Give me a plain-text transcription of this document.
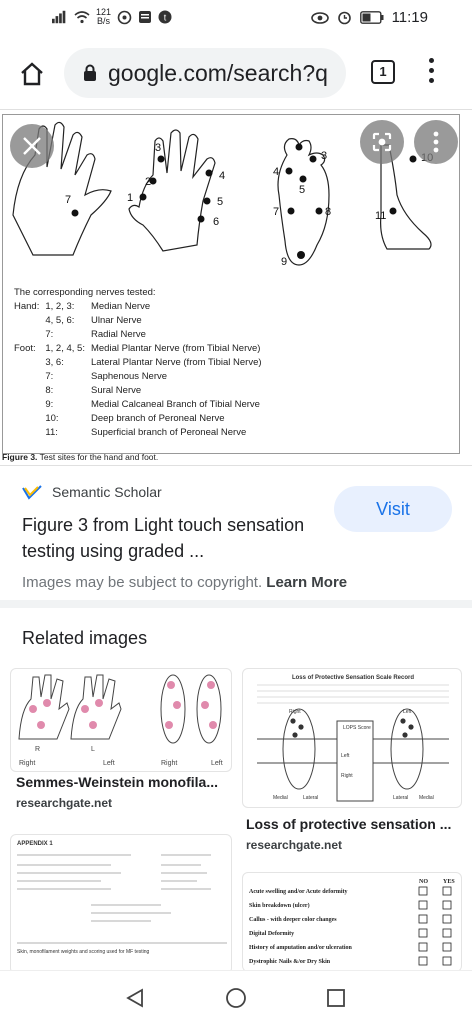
121
B/s	t	11:19
google.com/search?q	1
7
3
1
2	4
5
6
3
4
5
7	8
9
11
The corresponding nerves tested:
Hand:	1, 2, 3:	Median Nerve
	4, 5, 6:	Ulnar Nerve
	7:	Radial Nerve
Foot:	1, 2, 4, 5:	Medial Plantar Nerve (from Tibial Nerve)
	3, 6:	Lateral Plantar Nerve (from Tibial Nerve)
	7:	Saphenous Nerve
	8:	Sural Nerve
	9:	Medial Calcaneal Branch of Tibial Nerve
	10:	Deep branch of Peroneal Nerve
	11:	Superficial branch of Peroneal Nerve
Figure 3. Test sites for the hand and foot.
Semantic Scholar
Figure 3 from Light touch sensation testing using graded ...
Visit
Images may be subject to copyright. Learn More
Related images
R	L
Right	Left	Right	Left
Semmes-Weinstein monofila...
researchgate.net
Loss of Protective Sensation Scale Record
Right	Left
LOPS Score
Left
Right
Medial	Lateral	Lateral Medial
Loss of protective sensation ...
researchgate.net
APPENDIX 1
Skin, monofilament weights and scoring used for MF testing
NO	YES
Acute swelling and/or Acute deformity
Skin breakdown (ulcer)
Callus - with deeper color changes
Digital Deformity
History of amputation and/or ulceration
Dystrophic Nails &/or Dry Skin
